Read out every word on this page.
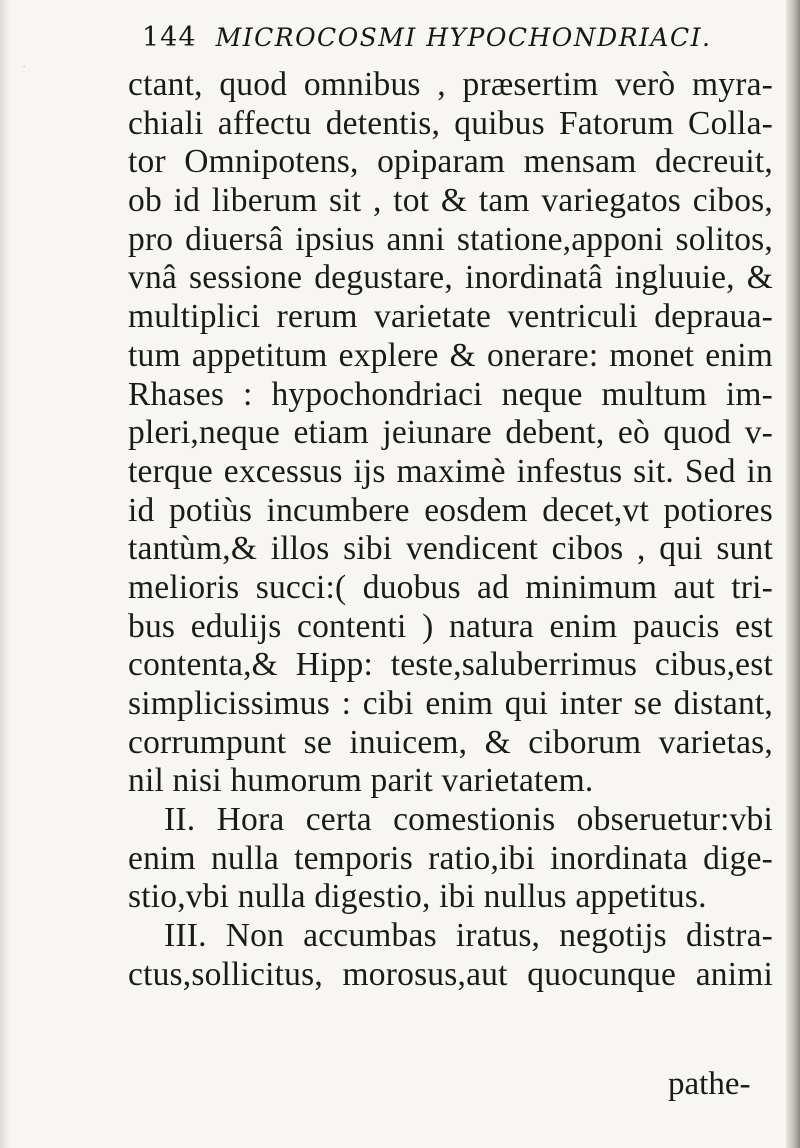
·
144 MICROCOSMI HYPOCHONDRIACI.
ctant, quod omnibus , præsertim verò myra-
chiali affectu detentis, quibus Fatorum Colla-
tor Omnipotens, opiparam mensam decreuit,
ob id liberum sit , tot & tam variegatos cibos,
pro diuersâ ipsius anni statione,apponi solitos,
vnâ sessione degustare, inordinatâ ingluuie, &
multiplici rerum varietate ventriculi deprauа-
tum appetitum explere & onerare: monet enim
Rhases : hypochondriaci neque multum im-
pleri,neque etiam jeiunare debent, eò quod v-
terque excessus ijs maximè infestus sit. Sed in
id potiùs incumbere eosdem decet,vt potiores
tantùm,& illos sibi vendicent cibos , qui sunt
melioris succi:( duobus ad minimum aut tri-
bus edulijs contenti ) natura enim paucis est
contenta,& Hipp: teste,saluberrimus cibus,est
simplicissimus : cibi enim qui inter se distant,
corrumpunt se inuicem, & ciborum varietas,
nil nisi humorum parit varietatem.
II. Hora certa comestionis obseruetur:vbi
enim nulla temporis ratio,ibi inordinata dige-
stio,vbi nulla digestio, ibi nullus appetitus.
III. Non accumbas iratus, negotijs distra-
ctus,sollicitus, morosus,aut quocunque animi
pathe-
